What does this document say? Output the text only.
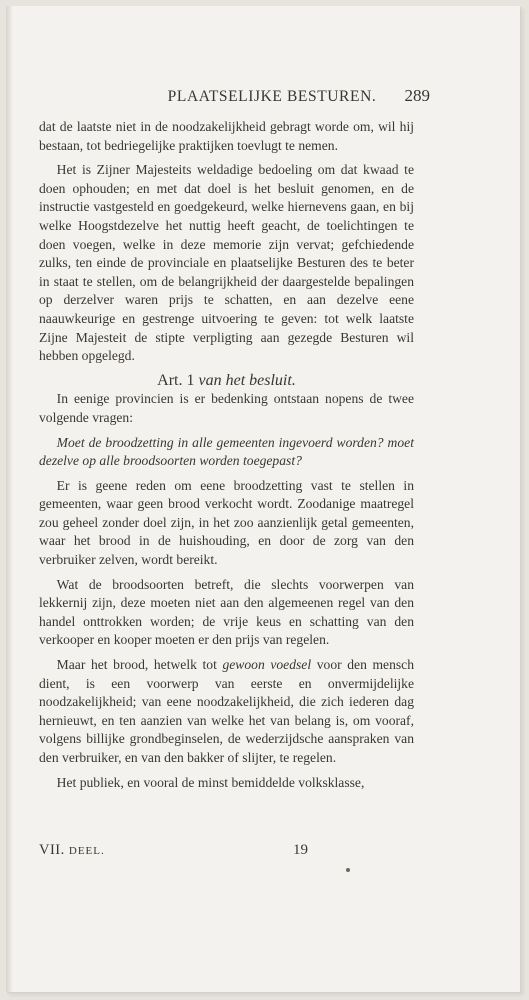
PLAATSELIJKE BESTUREN.	289

dat de laatste niet in de noodzakelijkheid gebragt worde om, wil hij bestaan, tot bedriegelijke praktijken toevlugt te nemen.

Het is Zijner Majesteits weldadige bedoeling om dat kwaad te doen ophouden; en met dat doel is het besluit genomen, en de instructie vastgesteld en goedgekeurd, welke hiernevens gaan, en bij welke Hoogstdezelve het nuttig heeft geacht, de toelichtingen te doen voegen, welke in deze memorie zijn vervat; gefchiedende zulks, ten einde de provinciale en plaatselijke Besturen des te beter in staat te stellen, om de belangrijkheid der daargestelde bepalingen op derzelver waren prijs te schatten, en aan dezelve eene naauwkeurige en gestrenge uitvoering te geven: tot welk laatste Zijne Majesteit de stipte verpligting aan gezegde Besturen wil hebben opgelegd.

Art. 1 van het besluit.

In eenige provincien is er bedenking ontstaan nopens de twee volgende vragen:

Moet de broodzetting in alle gemeenten ingevoerd worden? moet dezelve op alle broodsoorten worden toegepast?

Er is geene reden om eene broodzetting vast te stellen in gemeenten, waar geen brood verkocht wordt. Zoodanige maatregel zou geheel zonder doel zijn, in het zoo aanzienlijk getal gemeenten, waar het brood in de huishouding, en door de zorg van den verbruiker zelven, wordt bereikt.

Wat de broodsoorten betreft, die slechts voorwerpen van lekkernij zijn, deze moeten niet aan den algemeenen regel van den handel onttrokken worden; de vrije keus en schatting van den verkooper en kooper moeten er den prijs van regelen.

Maar het brood, hetwelk tot gewoon voedsel voor den mensch dient, is een voorwerp van eerste en onvermijdelijke noodzakelijkheid; van eene noodzakelijkheid, die zich iederen dag hernieuwt, en ten aanzien van welke het van belang is, om vooraf, volgens billijke grondbeginselen, de wederzijdsche aanspraken van den verbruiker, en van den bakker of slijter, te regelen.

Het publiek, en vooral de minst bemiddelde volksklasse,

VII. DEEL.	19
